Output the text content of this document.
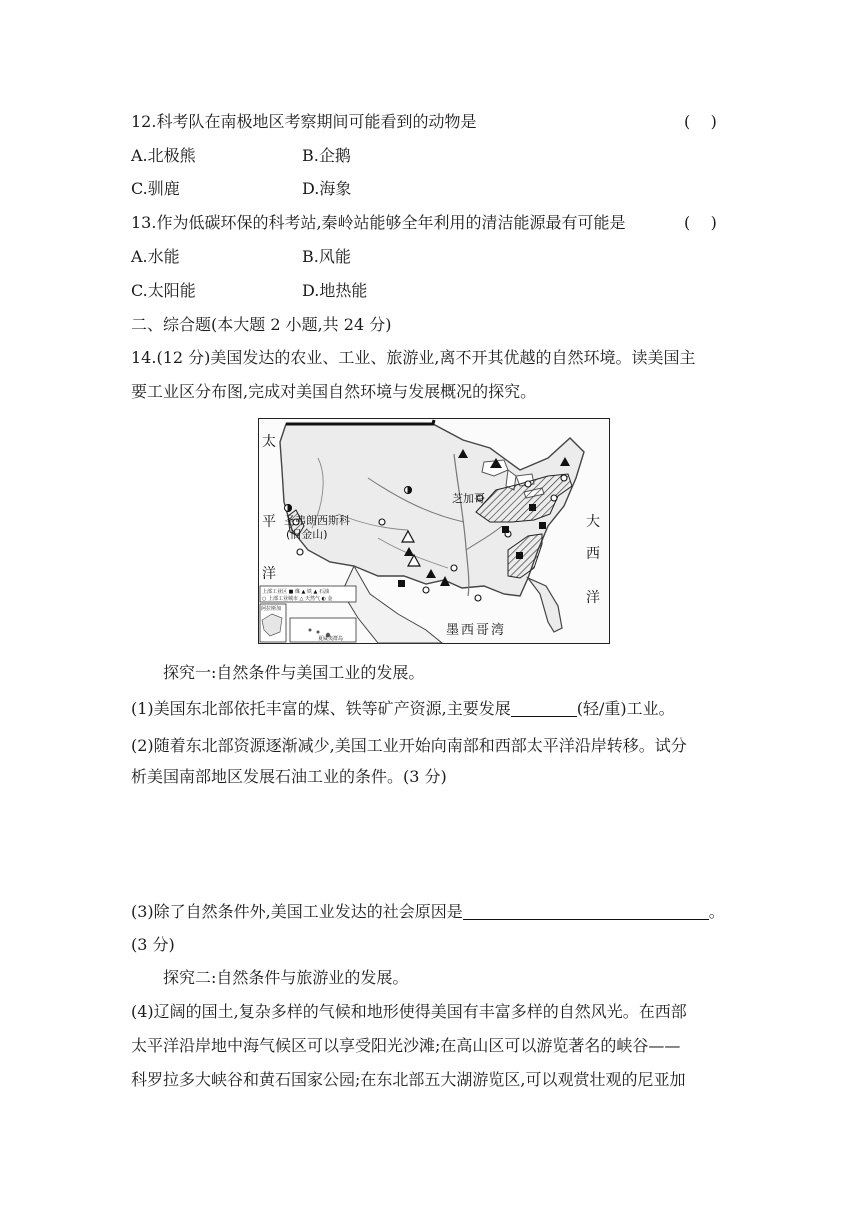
12.科考队在南极地区考察期间可能看到的动物是	(    )
A.北极熊	B.企鹅
C.驯鹿	D.海象
13.作为低碳环保的科考站,秦岭站能够全年利用的清洁能源最有可能是	(    )
A.水能	B.风能
C.太阳能	D.地热能
二、综合题(本大题 2 小题,共 24 分)
14.(12 分)美国发达的农业、工业、旅游业,离不开其优越的自然环境。读美国主
要工业区分布图,完成对美国自然环境与发展概况的探究。
太
平
洋
大
西
洋
芝加哥
圣弗朗西斯科
(旧金山)
墨西哥湾
上部工业区 ■ 煤 ▲ 铁 ▲ 石油
○ 上部工业城市 △ 天然气 ◐ 金
阿拉斯加
夏威夷群岛
探究一:自然条件与美国工业的发展。
(1)美国东北部依托丰富的煤、铁等矿产资源,主要发展	(轻/重)工业。
(2)随着东北部资源逐渐减少,美国工业开始向南部和西部太平洋沿岸转移。试分
析美国南部地区发展石油工业的条件。(3 分)
(3)除了自然条件外,美国工业发达的社会原因是	。
(3 分)
探究二:自然条件与旅游业的发展。
(4)辽阔的国土,复杂多样的气候和地形使得美国有丰富多样的自然风光。在西部
太平洋沿岸地中海气候区可以享受阳光沙滩;在高山区可以游览著名的峡谷——
科罗拉多大峡谷和黄石国家公园;在东北部五大湖游览区,可以观赏壮观的尼亚加
